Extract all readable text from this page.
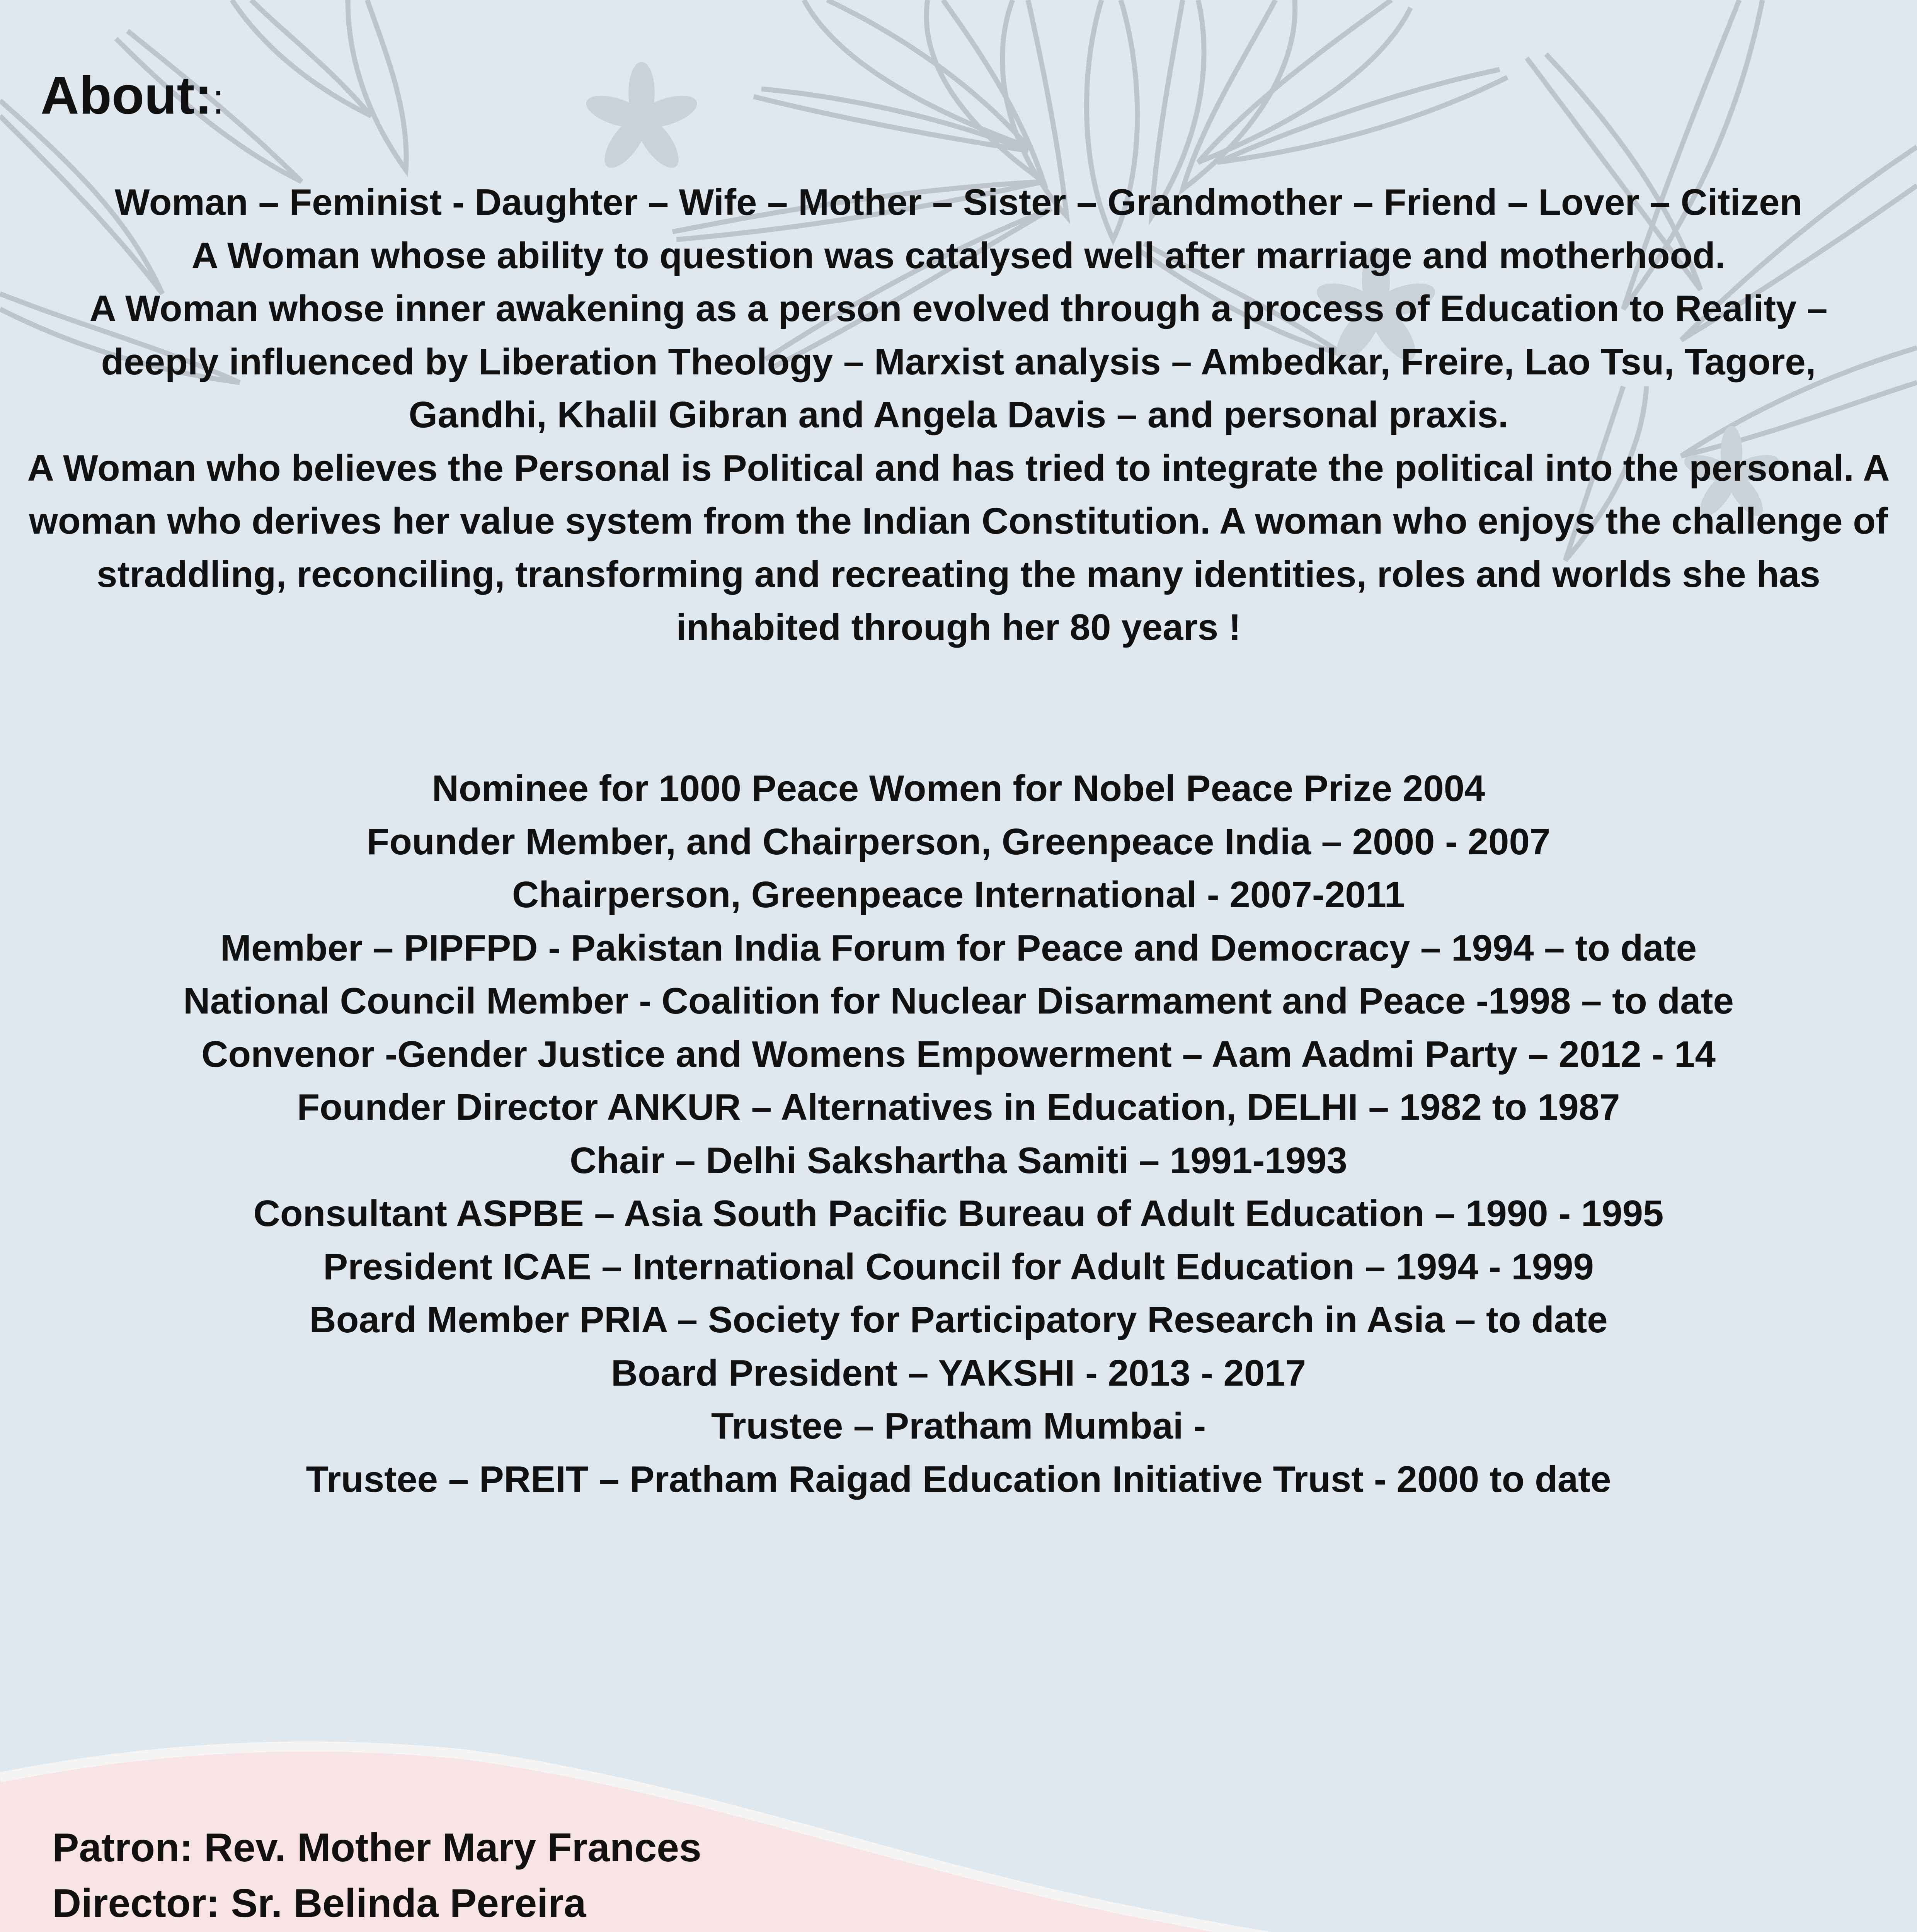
About::

Woman – Feminist - Daughter – Wife – Mother – Sister – Grandmother – Friend – Lover – Citizen

A Woman whose ability to question was catalysed well after marriage and motherhood.

A Woman whose inner awakening as a person evolved through a process of Education to Reality – deeply influenced by Liberation Theology – Marxist analysis – Ambedkar, Freire, Lao Tsu, Tagore, Gandhi, Khalil Gibran and Angela Davis – and personal praxis.

A Woman who believes the Personal is Political and has tried to integrate the political into the personal. A woman who derives her value system from the Indian Constitution. A woman who enjoys the challenge of straddling, reconciling, transforming and recreating the many identities, roles and worlds she has inhabited through her 80 years !

Nominee for 1000 Peace Women for Nobel Peace Prize 2004
Founder Member, and Chairperson, Greenpeace India – 2000 - 2007
Chairperson, Greenpeace International - 2007-2011
Member – PIPFPD - Pakistan India Forum for Peace and Democracy – 1994 – to date
National Council Member - Coalition for Nuclear Disarmament and Peace -1998 – to date
Convenor -Gender Justice and Womens Empowerment – Aam Aadmi Party – 2012 - 14
Founder Director ANKUR – Alternatives in Education, DELHI – 1982 to 1987
Chair – Delhi Sakshartha Samiti – 1991-1993
Consultant ASPBE – Asia South Pacific Bureau of Adult Education – 1990 - 1995
President ICAE – International Council for Adult Education – 1994 - 1999
Board Member PRIA – Society for Participatory Research in Asia – to date
Board President – YAKSHI - 2013 - 2017
Trustee – Pratham Mumbai -
Trustee – PREIT – Pratham Raigad Education Initiative Trust - 2000 to date
Patron: Rev. Mother Mary Frances
Director: Sr. Belinda Pereira
